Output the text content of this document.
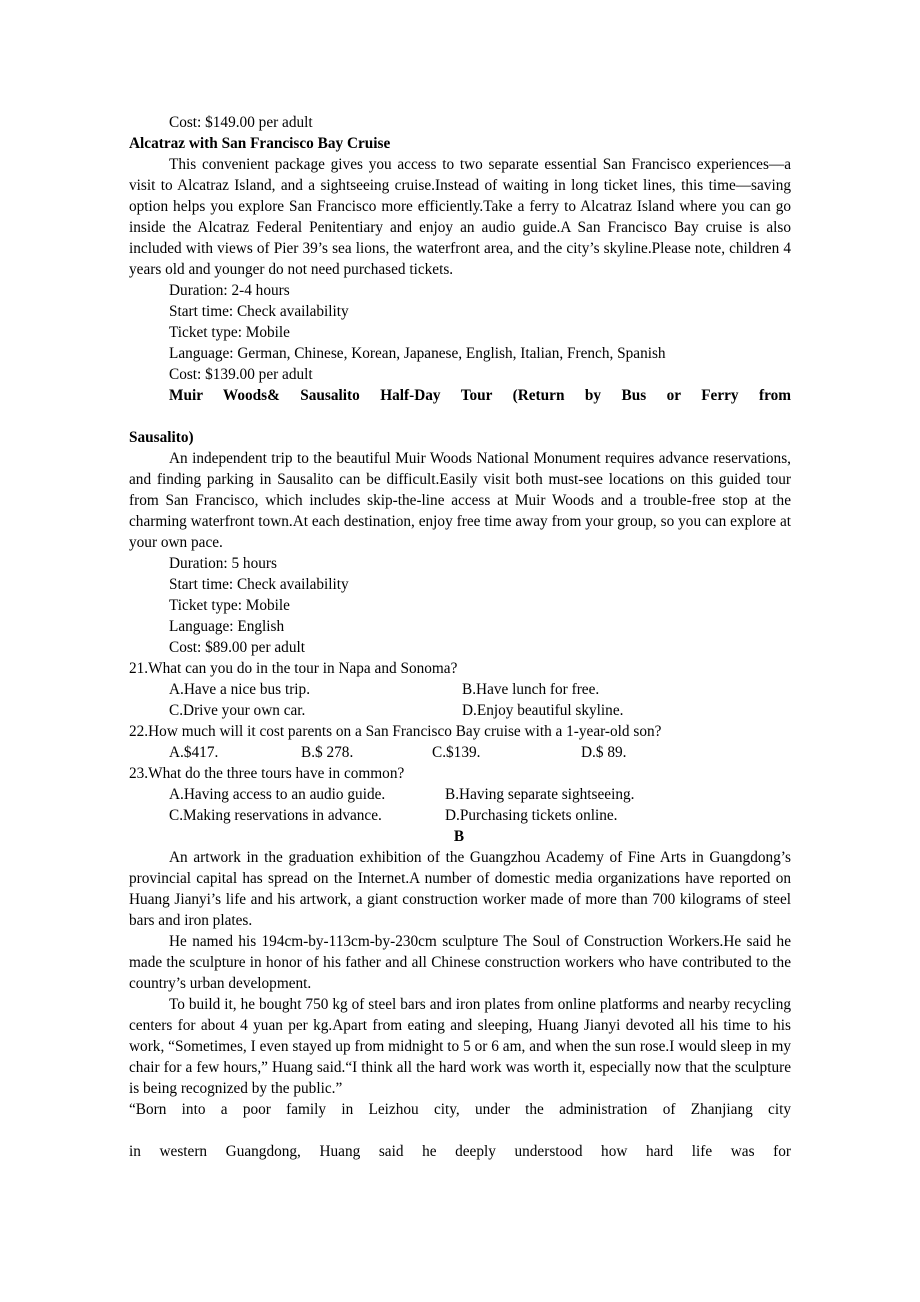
Cost: $149.00 per adult
Alcatraz with San Francisco Bay Cruise

This convenient package gives you access to two separate essential San Francisco experiences—a visit to Alcatraz Island, and a sightseeing cruise.Instead of waiting in long ticket lines, this time—saving option helps you explore San Francisco more efficiently.Take a ferry to Alcatraz Island where you can go inside the Alcatraz Federal Penitentiary and enjoy an audio guide.A San Francisco Bay cruise is also included with views of Pier 39’s sea lions, the waterfront area, and the city’s skyline.Please note, children 4 years old and younger do not need purchased tickets.

Duration: 2-4 hours
Start time: Check availability
Ticket type: Mobile
Language: German, Chinese, Korean, Japanese, English, Italian, French, Spanish
Cost: $139.00 per adult
Muir Woods& Sausalito Half-Day Tour (Return by Bus or Ferry from
Sausalito)

An independent trip to the beautiful Muir Woods National Monument requires advance reservations, and finding parking in Sausalito can be difficult.Easily visit both must-see locations on this guided tour from San Francisco, which includes skip-the-line access at Muir Woods and a trouble-free stop at the charming waterfront town.At each destination, enjoy free time away from your group, so you can explore at your own pace.

Duration: 5 hours
Start time: Check availability
Ticket type: Mobile
Language: English
Cost: $89.00 per adult
21.What can you do in the tour in Napa and Sonoma?
A.Have a nice bus trip.	B.Have lunch for free.
C.Drive your own car.	D.Enjoy beautiful skyline.
22.How much will it cost parents on a San Francisco Bay cruise with a 1-year-old son?
A.$417.	B.$ 278.	C.$139.	D.$ 89.
23.What do the three tours have in common?
A.Having access to an audio guide.	B.Having separate sightseeing.
C.Making reservations in advance.	D.Purchasing tickets online.
B

An artwork in the graduation exhibition of the Guangzhou Academy of Fine Arts in Guangdong’s provincial capital has spread on the Internet.A number of domestic media organizations have reported on Huang Jianyi’s life and his artwork, a giant construction worker made of more than 700 kilograms of steel bars and iron plates.

He named his 194cm-by-113cm-by-230cm sculpture The Soul of Construction Workers.He said he made the sculpture in honor of his father and all Chinese construction workers who have contributed to the country’s urban development.

To build it, he bought 750 kg of steel bars and iron plates from online platforms and nearby recycling centers for about 4 yuan per kg.Apart from eating and sleeping, Huang Jianyi devoted all his time to his work, “Sometimes, I even stayed up from midnight to 5 or 6 am, and when the sun rose.I would sleep in my chair for a few hours,” Huang said.“I think all the hard work was worth it, especially now that the sculpture is being recognized by the public.”

“Born into a poor family in Leizhou city, under the administration of Zhanjiang city
in western Guangdong, Huang said he deeply understood how hard life was for
